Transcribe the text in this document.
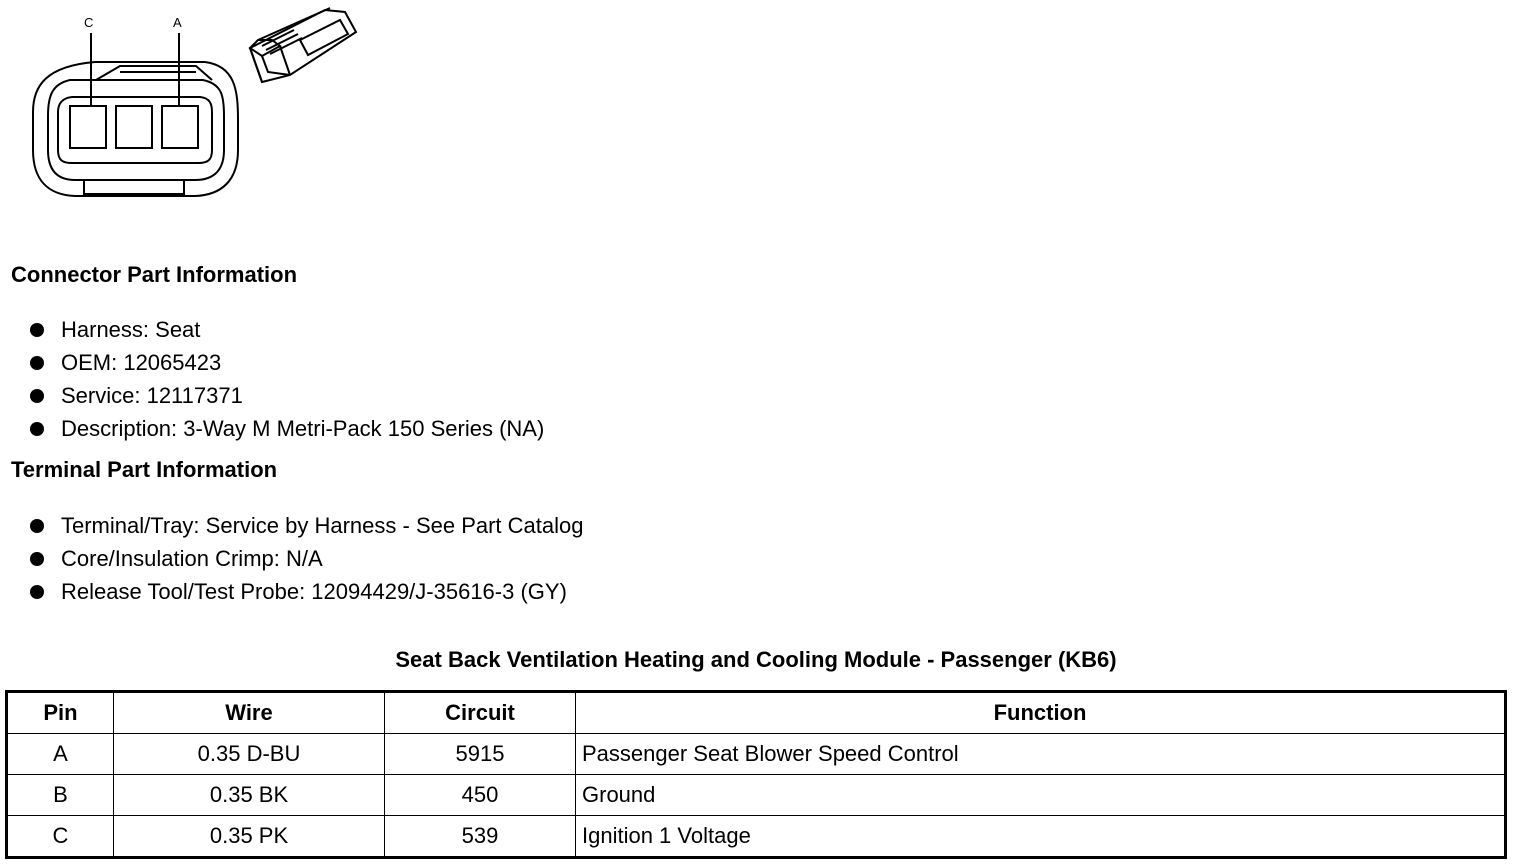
C	A
Connector Part Information
Harness: Seat
OEM: 12065423
Service: 12117371
Description: 3-Way M Metri-Pack 150 Series (NA)
Terminal Part Information
Terminal/Tray: Service by Harness - See Part Catalog
Core/Insulation Crimp: N/A
Release Tool/Test Probe: 12094429/J-35616-3 (GY)
Seat Back Ventilation Heating and Cooling Module - Passenger (KB6)
Pin	Wire	Circuit	Function
A	0.35 D-BU	5915	Passenger Seat Blower Speed Control
B	0.35 BK	450	Ground
C	0.35 PK	539	Ignition 1 Voltage
